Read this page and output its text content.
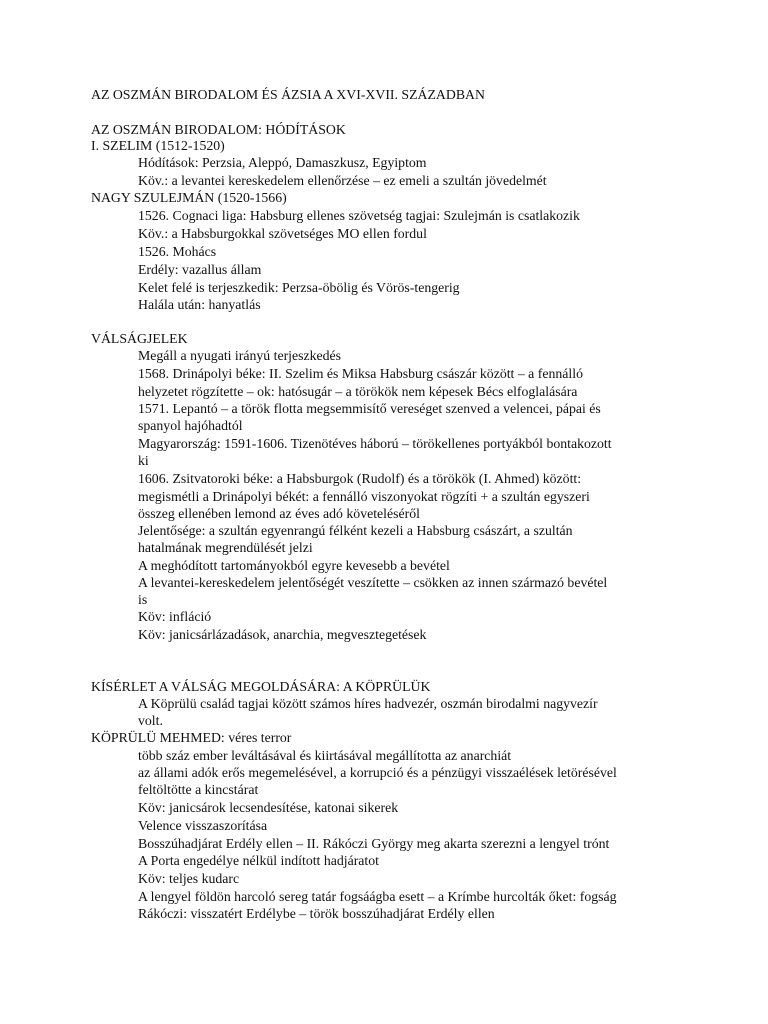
AZ OSZMÁN BIRODALOM ÉS ÁZSIA A XVI-XVII. SZÁZADBAN
AZ OSZMÁN BIRODALOM: HÓDÍTÁSOK
I. SZELIM (1512-1520)
Hódítások: Perzsia, Aleppó, Damaszkusz, Egyiptom
Köv.: a levantei kereskedelem ellenőrzése – ez emeli a szultán jövedelmét
NAGY SZULEJMÁN (1520-1566)
1526. Cognaci liga: Habsburg ellenes szövetség tagjai: Szulejmán is csatlakozik
Köv.: a Habsburgokkal szövetséges MO ellen fordul
1526. Mohács
Erdély: vazallus állam
Kelet felé is terjeszkedik: Perzsa-öbölig és Vörös-tengerig
Halála után: hanyatlás
VÁLSÁGJELEK
Megáll a nyugati irányú terjeszkedés
1568. Drinápolyi béke: II. Szelim és Miksa Habsburg császár között – a fennálló
helyzetet rögzítette – ok: hatósugár – a törökök nem képesek Bécs elfoglalására
1571. Lepantó – a török flotta megsemmisítő vereséget szenved a velencei, pápai és
spanyol hajóhadtól
Magyarország: 1591-1606. Tizenötéves háború – törökellenes portyákból bontakozott
ki
1606. Zsitvatoroki béke: a Habsburgok (Rudolf) és a törökök (I. Ahmed) között:
megismétli a Drinápolyi békét: a fennálló viszonyokat rögzíti + a szultán egyszeri
összeg ellenében lemond az éves adó követeléséről
Jelentősége: a szultán egyenrangú félként kezeli a Habsburg császárt, a szultán
hatalmának megrendülését jelzi
A meghódított tartományokból egyre kevesebb a bevétel
A levantei-kereskedelem jelentőségét veszítette – csökken az innen származó bevétel
is
Köv: infláció
Köv: janicsárlázadások, anarchia, megvesztegetések
KÍSÉRLET A VÁLSÁG MEGOLDÁSÁRA: A KÖPRÜLÜK
A Köprülü család tagjai között számos híres hadvezér, oszmán birodalmi nagyvezír
volt.
KÖPRÜLÜ MEHMED: véres terror
több száz ember leváltásával és kiirtásával megállította az anarchiát
az állami adók erős megemelésével, a korrupció és a pénzügyi visszaélések letörésével
feltöltötte a kincstárat
Köv: janicsárok lecsendesítése, katonai sikerek
Velence visszaszorítása
Bosszúhadjárat Erdély ellen – II. Rákóczi György meg akarta szerezni a lengyel trónt
A Porta engedélye nélkül indított hadjáratot
Köv: teljes kudarc
A lengyel földön harcoló sereg tatár fogsáágba esett – a Krímbe hurcolták őket: fogság
Rákóczi: visszatért Erdélybe – török bosszúhadjárat Erdély ellen
